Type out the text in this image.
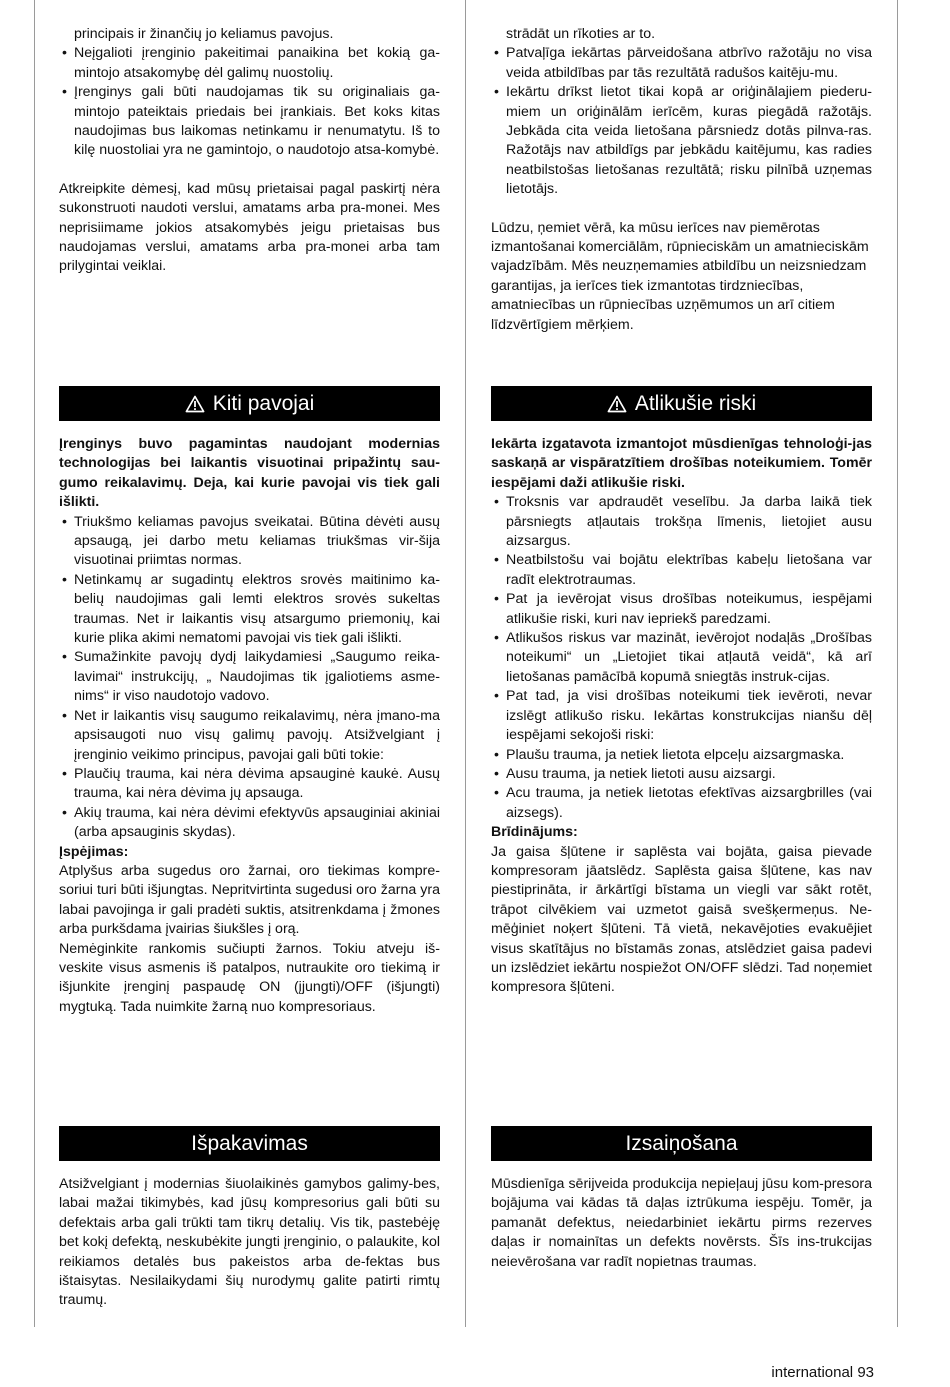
principais ir žinančių jo keliamus pavojus.

• Neįgalioti įrenginio pakeitimai panaikina bet kokią ga-mintojo atsakomybę dėl galimų nuostolių.
• Įrenginys gali būti naudojamas tik su originaliais ga-mintojo pateiktais priedais bei įrankiais. Bet koks kitas naudojimas bus laikomas netinkamu ir nenumatytu. Iš to kilę nuostoliai yra ne gamintojo, o naudotojo atsa-komybė.

Atkreipkite dėmesį, kad mūsų prietaisai pagal paskirtį nėra sukonstruoti naudoti verslui, amatams arba pra-monei. Mes neprisiimame jokios atsakomybės jeigu prietaisas bus naudojamas verslui, amatams arba pra-monei arba tam prilygintai veiklai.

strādāt un rīkoties ar to.

• Patvaļīga iekārtas pārveidošana atbrīvo ražotāju no visa veida atbildības par tās rezultātā radušos kaitēju-mu.
• Iekārtu drīkst lietot tikai kopā ar oriģinālajiem piederu-miem un oriģinālām ierīcēm, kuras piegādā ražotājs. Jebkāda cita veida lietošana pārsniedz dotās pilnva-ras. Ražotājs nav atbildīgs par jebkādu kaitējumu, kas radies neatbilstošas lietošanas rezultātā; risku pilnībā uzņemas lietotājs.

Lūdzu, ņemiet vērā, ka mūsu ierīces nav piemērotas izmantošanai komerciālām, rūpnieciskām un amatnieciskām vajadzībām. Mēs neuzņemamies atbildību un neizsniedzam garantijas, ja ierīces tiek izmantotas tirdzniecības, amatniecības un rūpniecības uzņēmumos un arī citiem līdzvērtīgiem mērķiem.

Kiti pavojai	Atlikušie riski

Įrenginys buvo pagamintas naudojant modernias technologijas bei laikantis visuotinai pripažintų sau-gumo reikalavimų. Deja, kai kurie pavojai vis tiek gali išlikti.

• Triukšmo keliamas pavojus sveikatai. Būtina dėvėti ausų apsaugą, jei darbo metu keliamas triukšmas vir-šija visuotinai priimtas normas.
• Netinkamų ar sugadintų elektros srovės maitinimo ka-belių naudojimas gali lemti elektros srovės sukeltas traumas. Net ir laikantis visų atsargumo priemonių, kai kurie plika akimi nematomi pavojai vis tiek gali išlikti.
• Sumažinkite pavojų dydį laikydamiesi „Saugumo reika-lavimai“ instrukcijų, „ Naudojimas tik įgaliotiems asme-nims“ ir viso naudotojo vadovo.
• Net ir laikantis visų saugumo reikalavimų, nėra įmano-ma apsisaugoti nuo visų galimų pavojų. Atsižvelgiant į įrenginio veikimo principus, pavojai gali būti tokie:
• Plaučių trauma, kai nėra dėvima apsauginė kaukė. Ausų trauma, kai nėra dėvima jų apsauga.
• Akių trauma, kai nėra dėvimi efektyvūs apsauginiai akiniai (arba apsauginis skydas).

Įspėjimas:

Atplyšus arba sugedus oro žarnai, oro tiekimas kompre-soriui turi būti išjungtas. Nepritvirtinta sugedusi oro žarna yra labai pavojinga ir gali pradėti suktis, atsitrenkdama į žmones arba purkšdama įvairias šiukšles į orą.

Nemėginkite rankomis sučiupti žarnos. Tokiu atveju iš-veskite visus asmenis iš patalpos, nutraukite oro tiekimą ir išjunkite įrenginį paspaudę ON (įjungti)/OFF (išjungti) mygtuką. Tada nuimkite žarną nuo kompresoriaus.

Iekārta izgatavota izmantojot mūsdienīgas tehnoloģi-jas saskaņā ar vispāratzītiem drošības noteikumiem. Tomēr iespējami daži atlikušie riski.

• Troksnis var apdraudēt veselību. Ja darba laikā tiek pārsniegts atļautais trokšņa līmenis, lietojiet ausu aizsargus.
• Neatbilstošu vai bojātu elektrības kabeļu lietošana var radīt elektrotraumas.
• Pat ja ievērojat visus drošības noteikumus, iespējami atlikušie riski, kuri nav iepriekš paredzami.
• Atlikušos riskus var mazināt, ievērojot nodaļās „Drošības noteikumi“ un „Lietojiet tikai atļautā veidā“, kā arī lietošanas pamācībā kopumā sniegtās instruk-cijas.
• Pat tad, ja visi drošības noteikumi tiek ievēroti, nevar izslēgt atlikušo risku. Iekārtas konstrukcijas nianšu dēļ iespējami sekojoši riski:
• Plaušu trauma, ja netiek lietota elpceļu aizsargmaska.
• Ausu trauma, ja netiek lietoti ausu aizsargi.
• Acu trauma, ja netiek lietotas efektīvas aizsargbrilles (vai aizsegs).

Brīdinājums:

Ja gaisa šļūtene ir saplēsta vai bojāta, gaisa pievade kompresoram jāatslēdz. Saplēsta gaisa šļūtene, kas nav piestiprināta, ir ārkārtīgi bīstama un viegli var sākt rotēt, trāpot cilvēkiem vai uzmetot gaisā svešķermeņus. Ne-mēģiniet noķert šļūteni. Tā vietā, nekavējoties evakuējiet visus skatītājus no bīstamās zonas, atslēdziet gaisa padevi un izslēdziet iekārtu nospiežot ON/OFF slēdzi. Tad noņemiet kompresora šļūteni.

Išpakavimas	Izsaiņošana

Atsižvelgiant į modernias šiuolaikinės gamybos galimy-bes, labai mažai tikimybės, kad jūsų kompresorius gali būti su defektais arba gali trūkti tam tikrų detalių. Vis tik, pastebėję bet kokį defektą, neskubėkite jungti įrenginio, o palaukite, kol reikiamos detalės bus pakeistos arba de-fektas bus ištaisytas. Nesilaikydami šių nurodymų galite patirti rimtų traumų.

Mūsdienīga sērijveida produkcija nepieļauj jūsu kom-presora bojājuma vai kādas tā daļas iztrūkuma iespēju. Tomēr, ja pamanāt defektus, neiedarbiniet iekārtu pirms rezerves daļas ir nomainītas un defekts novērsts. Šīs ins-trukcijas neievērošana var radīt nopietnas traumas.

international 93
